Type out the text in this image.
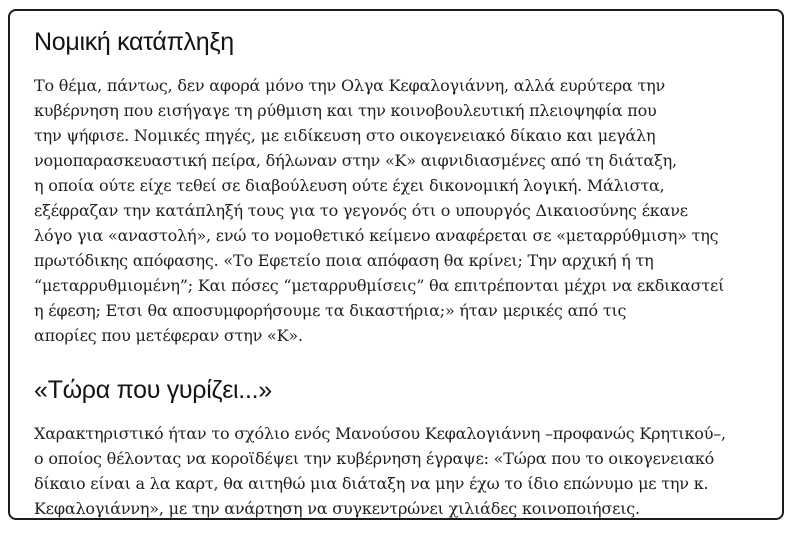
Νομική κατάπληξη

Το θέμα, πάντως, δεν αφορά μόνο την Ολγα Κεφαλογιάννη, αλλά ευρύτερα την
κυβέρνηση που εισήγαγε τη ρύθμιση και την κοινοβουλευτική πλειοψηφία που
την ψήφισε. Νομικές πηγές, με ειδίκευση στο οικογενειακό δίκαιο και μεγάλη
νομοπαρασκευαστική πείρα, δήλωναν στην «Κ» αιφνιδιασμένες από τη διάταξη,
η οποία ούτε είχε τεθεί σε διαβούλευση ούτε έχει δικονομική λογική. Μάλιστα,
εξέφραζαν την κατάπληξή τους για το γεγονός ότι ο υπουργός Δικαιοσύνης έκανε
λόγο για «αναστολή», ενώ το νομοθετικό κείμενο αναφέρεται σε «μεταρρύθμιση» της
πρωτόδικης απόφασης. «Το Εφετείο ποια απόφαση θα κρίνει; Την αρχική ή τη
“μεταρρυθμιομένη”; Και πόσες “μεταρρυθμίσεις” θα επιτρέπονται μέχρι να εκδικαστεί
η έφεση; Ετσι θα αποσυμφορήσουμε τα δικαστήρια;» ήταν μερικές από τις
απορίες που μετέφεραν στην «Κ».

«Τώρα που γυρίζει...»

Χαρακτηριστικό ήταν το σχόλιο ενός Μανούσου Κεφαλογιάννη –προφανώς Κρητικού–,
ο οποίος θέλοντας να κοροϊδέψει την κυβέρνηση έγραψε: «Τώρα που το οικογενειακό
δίκαιο είναι a λα καρτ, θα αιτηθώ μια διάταξη να μην έχω το ίδιο επώνυμο με την κ.
Κεφαλογιάννη», με την ανάρτηση να συγκεντρώνει χιλιάδες κοινοποιήσεις.
